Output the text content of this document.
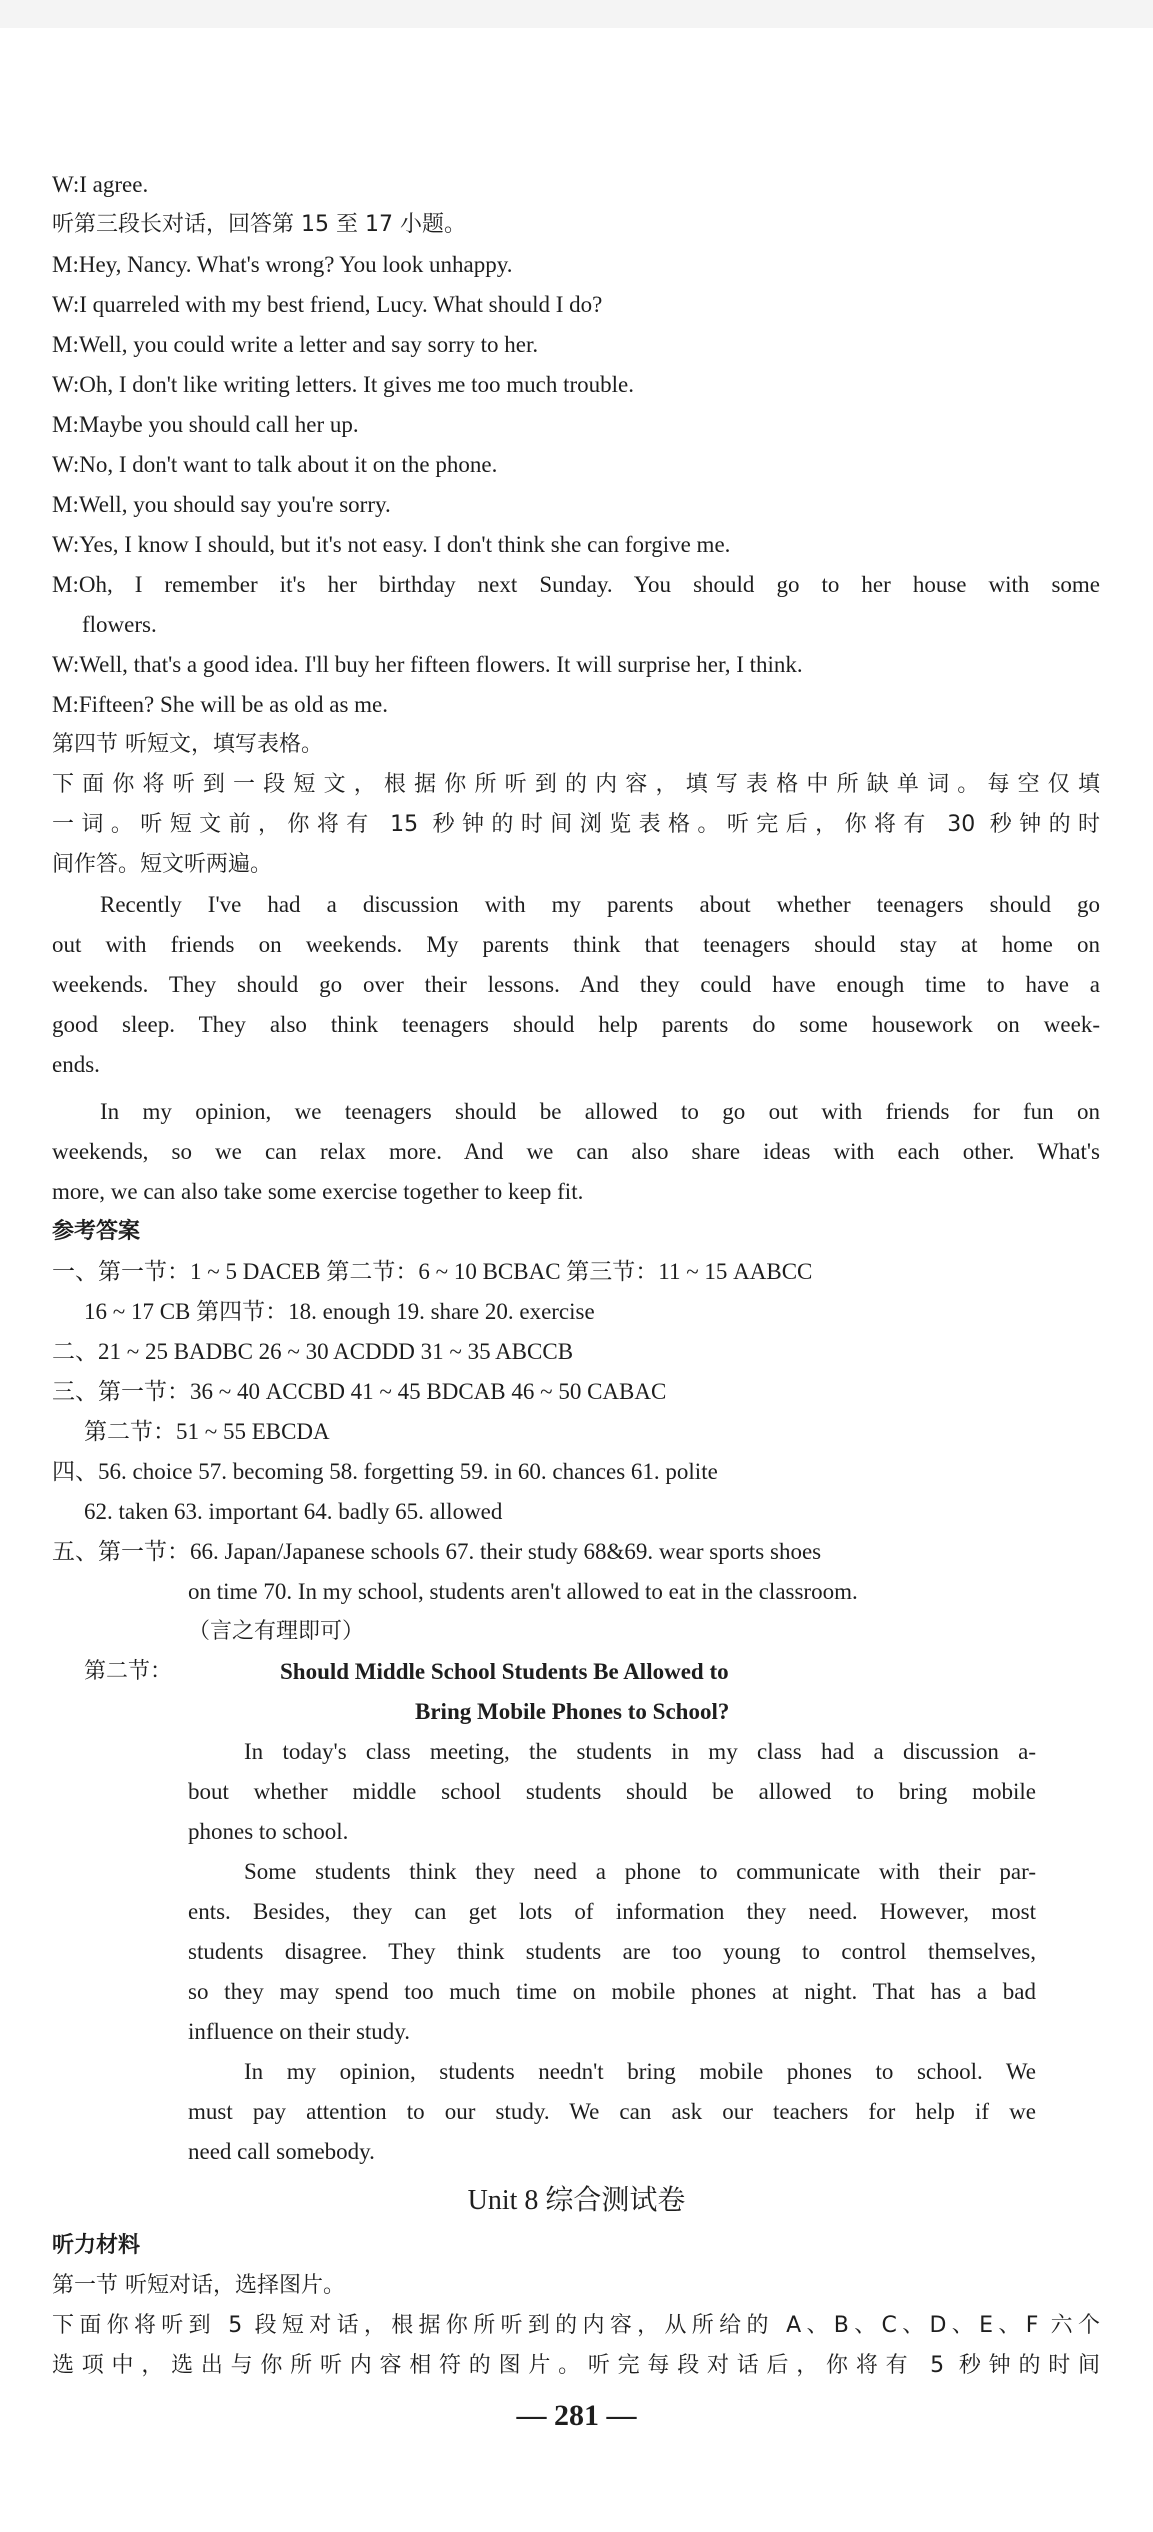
W:I agree.
听第三段长对话，回答第 15 至 17 小题。
M:Hey, Nancy. What's wrong? You look unhappy.
W:I quarreled with my best friend, Lucy. What should I do?
M:Well, you could write a letter and say sorry to her.
W:Oh, I don't like writing letters. It gives me too much trouble.
M:Maybe you should call her up.
W:No, I don't want to talk about it on the phone.
M:Well, you should say you're sorry.
W:Yes, I know I should, but it's not easy. I don't think she can forgive me.
M:Oh, I remember it's her birthday next Sunday. You should go to her house with some
flowers.
W:Well, that's a good idea. I'll buy her fifteen flowers. It will surprise her, I think.
M:Fifteen? She will be as old as me.
第四节 听短文，填写表格。
下面你将听到一段短文，根据你所听到的内容，填写表格中所缺单词。每空仅填
一词。听短文前，你将有 15 秒钟的时间浏览表格。听完后，你将有 30 秒钟的时
间作答。短文听两遍。
Recently I've had a discussion with my parents about whether teenagers should go
out with friends on weekends. My parents think that teenagers should stay at home on
weekends. They should go over their lessons. And they could have enough time to have a
good sleep. They also think teenagers should help parents do some housework on week-
ends.
In my opinion, we teenagers should be allowed to go out with friends for fun on
weekends, so we can relax more. And we can also share ideas with each other. What's
more, we can also take some exercise together to keep fit.
参考答案
一、第一节：1 ~ 5 DACEB 第二节：6 ~ 10 BCBAC 第三节：11 ~ 15 AABCC
16 ~ 17 CB 第四节：18. enough 19. share 20. exercise
二、21 ~ 25 BADBC 26 ~ 30 ACDDD 31 ~ 35 ABCCB
三、第一节：36 ~ 40 ACCBD 41 ~ 45 BDCAB 46 ~ 50 CABAC
第二节：51 ~ 55 EBCDA
四、56. choice 57. becoming 58. forgetting 59. in 60. chances 61. polite
62. taken 63. important 64. badly 65. allowed
五、第一节：66. Japan/Japanese schools 67. their study 68&69. wear sports shoes
on time 70. In my school, students aren't allowed to eat in the classroom.
（言之有理即可）
第二节：	Should Middle School Students Be Allowed to
Bring Mobile Phones to School?
In today's class meeting, the students in my class had a discussion a-
bout whether middle school students should be allowed to bring mobile
phones to school.
Some students think they need a phone to communicate with their par-
ents. Besides, they can get lots of information they need. However, most
students disagree. They think students are too young to control themselves,
so they may spend too much time on mobile phones at night. That has a bad
influence on their study.
In my opinion, students needn't bring mobile phones to school. We
must pay attention to our study. We can ask our teachers for help if we
need call somebody.
Unit 8 综合测试卷
听力材料
第一节 听短对话，选择图片。
下面你将听到 5 段短对话，根据你所听到的内容，从所给的 A、B、C、D、E、F 六个
选项中，选出与你所听内容相符的图片。听完每段对话后，你将有 5 秒钟的时间
— 281 —
